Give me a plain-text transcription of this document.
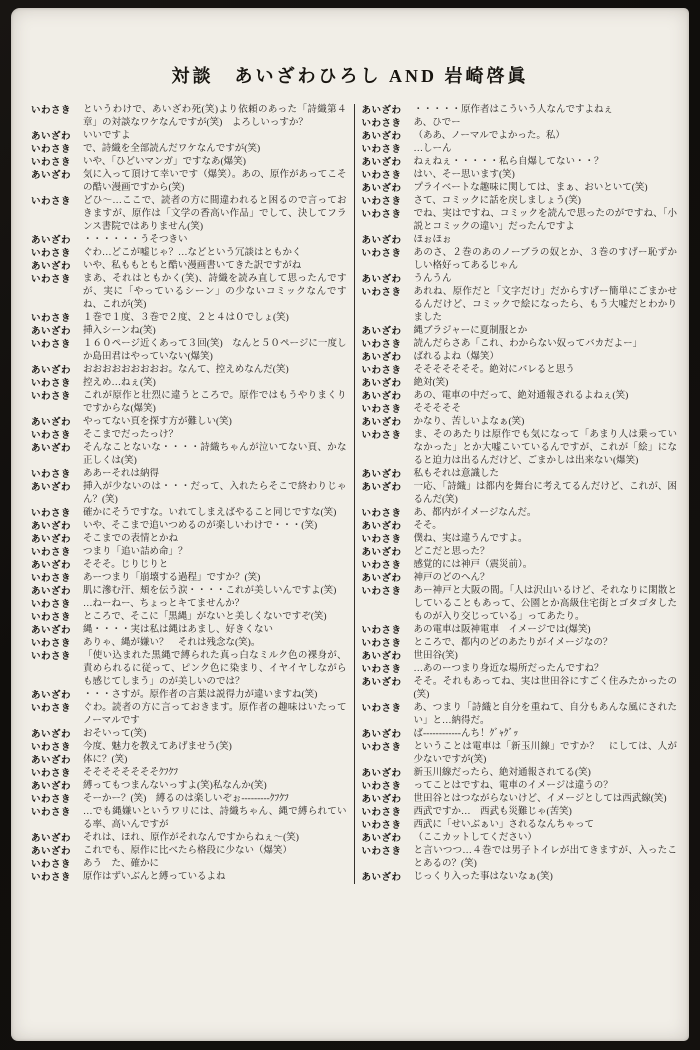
対談　あいざわひろし AND 岩崎啓眞
いわさき	というわけで、あいざわ死(笑)より依頼のあった「詩織第４章」の対談なワケなんですが(笑)　よろしいっすか？
あいざわ	いいですよ
いわさき	で、詩織を全部読んだワケなんですが(笑)
いわさき	いや、「ひどいマンガ」ですなあ(爆笑)
あいざわ	気に入って頂けて幸いです（爆笑）。あの、原作があってこその酷い漫画ですから(笑)
いわさき	どひ〜…ここで、読者の方に間違われると困るので言っておきますが、原作は「文学の香高い作品」でして、決してフランス書院ではありません(笑)
あいざわ	・・・・・・うそつきい
いわさき	ぐわ…どこが嘘じゃ？…などという冗談はともかく
あいざわ	いや、私ももともと酷い漫画書いてきた訳ですがね
いわさき	まあ、それはともかく(笑)、詩織を読み直して思ったんですが、実に「やっているシーン」の少ないコミックなんですね、これが(笑)
いわさき	１巻で１度、３巻で２度、２と４は０でしょ(笑)
あいざわ	挿入シーンね(笑)
いわさき	１６０ページ近くあって３回(笑)　なんと５０ページに一度しか島田君はやっていない(爆笑)
あいざわ	おおおおおおおおお。なんて、控えめなんだ(笑)
いわさき	控えめ…ねぇ(笑)
いわさき	これが原作と壮烈に違うところで。原作ではもうやりまくりですからな(爆笑)
あいざわ	やってない頁を探す方が難しい(笑)
いわさき	そこまでだったっけ？
あいざわ	そんなことないな・・・・詩織ちゃんが泣いてない頁、かな正しくは(笑)
いわさき	ああーそれは納得
あいざわ	挿入が少ないのは・・・だって、入れたらそこで終わりじゃん？(笑)
いわさき	確かにそうですな。いれてしまえばやること同じですな(笑)
あいざわ	いや、そこまで追いつめるのが楽しいわけで・・・(笑)
あいざわ	そこまでの表情とかね
いわさき	つまり「追い詰め命」？
あいざわ	そそそ。じりじりと
いわさき	あーつまり「崩壊する過程」ですか？(笑)
あいざわ	肌に滲む汗、頬を伝う涙・・・・これが美しいんですよ(笑)
いわさき	…ねーねー、ちょっとキてませんか？
いわさき	ところで、そこに「黒縄」がないと美しくないですぞ(笑)
あいざわ	縄・・・・実は私は縄はあまし、好きくない
いわさき	ありゃ、縄が嫌い？　それは残念な(笑)。
いわさき	「使い込まれた黒縄で縛られた真っ白なミルク色の裸身が、責められるに従って、ピンク色に染まり、イヤイヤしながらも感じてしまう」のが美しいのでは？
あいざわ	・・・さすが。原作者の言葉は説得力が違いますね(笑)
いわさき	ぐわ。読者の方に言っておきます。原作者の趣味はいたってノーマルです
あいざわ	おそいって(笑)
いわさき	今度、魅力を教えてあげませう(笑)
あいざわ	体に？(笑)
いわさき	そそそそそそそそｸﾌｸﾌ
あいざわ	縛ってもつまんないっすよ(笑)私なんか(笑)
いわさき	そーかー？(笑)　縛るのは楽しいぞぉ---------ｸﾌｸﾌ
いわさき	…でも縄嫌いというワリには、詩織ちゃん、縄で縛られている率、高いんですが
あいざわ	それは、ほれ、原作がそれなんですからねぇ〜(笑)
あいざわ	これでも、原作に比べたら格段に少ない（爆笑）
いわさき	あう　た、確かに
いわさき	原作はずいぶんと縛っているよね
あいざわ	・・・・・原作者はこういう人なんですよねぇ
いわさき	あ、ひでー
あいざわ	（ああ、ノーマルでよかった。私）
いわさき	…しーん
あいざわ	ねぇねぇ・・・・・私ら自爆してない・・？
いわさき	はい、そー思います(笑)
あいざわ	プライベートな趣味に関しては、まぁ、おいといて(笑)
いわさき	さて、コミックに話を戻しましょう(笑)
いわさき	でね、実はですね、コミックを読んで思ったのがですね、「小説とコミックの違い」だったんですよ
あいざわ	ほぉほぉ
いわさき	あのさ、２巻のあのノーブラの奴とか、３巻のすげー恥ずかしい格好ってあるじゃん
あいざわ	うんうん
いわさき	あれね、原作だと「文字だけ」だからすげー簡単にごまかせるんだけど、コミックで絵になったら、もう大嘘だとわかりました
あいざわ	縄ブラジャーに夏制服とか
いわさき	読んだらさあ「これ、わからない奴ってバカだよー」
あいざわ	ばれるよね（爆笑）
いわさき	そそそそそそそ。絶対にバレると思う
あいざわ	絶対(笑)
あいざわ	あの、電車の中だって、絶対通報されるよねぇ(笑)
いわさき	そそそそそ
あいざわ	かなり、苦しいよなぁ(笑)
いわさき	ま、そのあたりは原作でも気になって「あまり人は乗っていなかった」とか大嘘こいているんですが、これが「絵」になると迫力は出るんだけど、ごまかしは出来ない(爆笑)
あいざわ	私もそれは意識した
あいざわ	一応、「詩織」は都内を舞台に考えてるんだけど、これが、困るんだ(笑)
いわさき	あ、都内がイメージなんだ。
あいざわ	そそ。
いわさき	僕ね、実は違うんですよ。
あいざわ	どこだと思った？
いわさき	感覚的には神戸（震災前）。
あいざわ	神戸のどのへん？
いわさき	あー神戸と大阪の間。「人は沢山いるけど、それなりに閑散としていることもあって、公園とか高級住宅街とゴタゴタしたものが入り交じっている」ってあたり。
いわさき	あの電車は阪神電車　イメージでは(爆笑)
いわさき	ところで、都内のどのあたりがイメージなの？
あいざわ	世田谷(笑)
いわさき	…あのーつまり身近な場所だったんですね？
あいざわ	そそ。それもあってね、実は世田谷にすごく住みたかったの(笑)
いわさき	あ、つまり「詩織と自分を重ねて、自分もあんな風にされたい」と…納得だ。
あいざわ	ば------------んち！ｸﾞｬｸﾞｯ
いわさき	ということは電車は「新玉川線」ですか？　にしては、人が少ないですが(笑)
あいざわ	新玉川線だったら、絶対通報されてる(笑)
いわさき	ってことはですね、電車のイメージは違うの？
あいざわ	世田谷とはつながらないけど、イメージとしては西武線(笑)
いわさき	西武ですか…　西武も災難じゃ(苦笑)
いわさき	西武に「せいぶぁい」されるなんちゃって
あいざわ	（ここカットしてください）
いわさき	と言いつつ…４巻では男子トイレが出てきますが、入ったことあるの？(笑)
あいざわ	じっくり入った事はないなぁ(笑)
